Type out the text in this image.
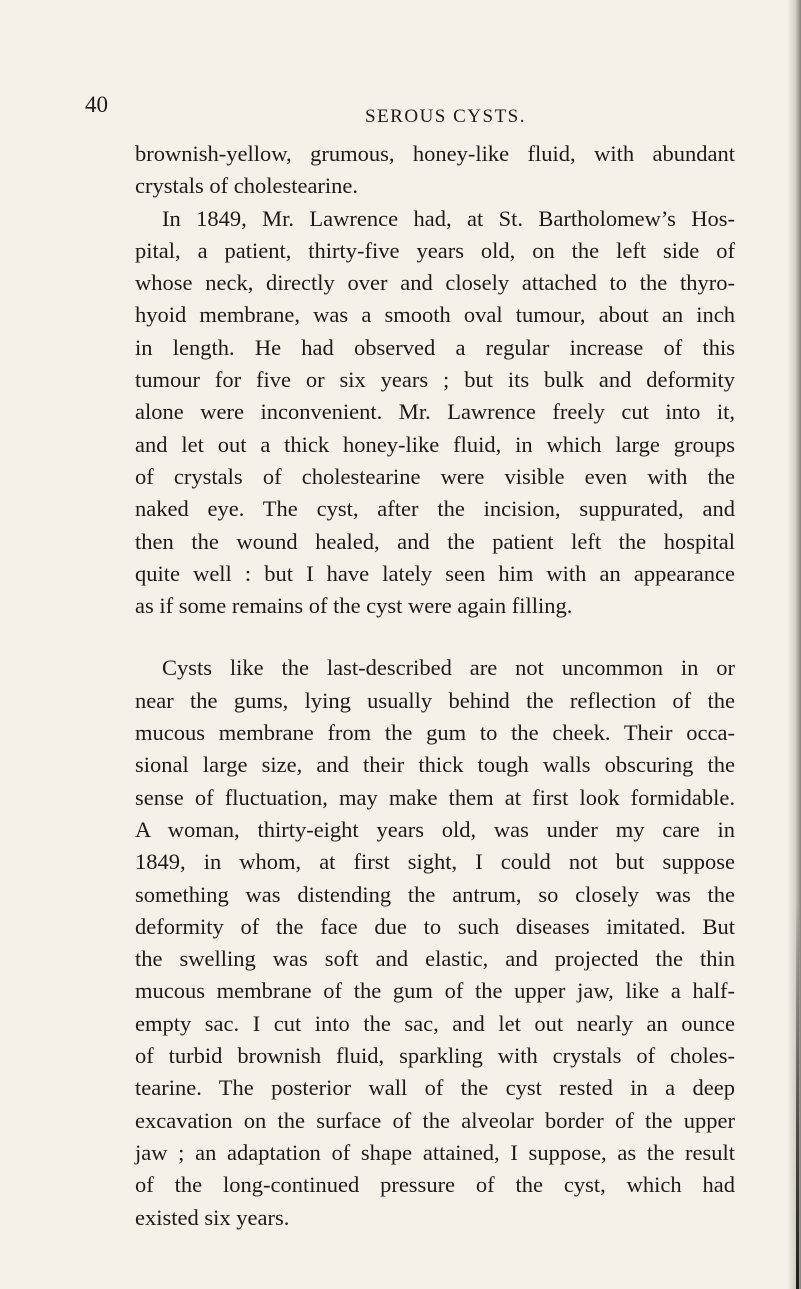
40	SEROUS CYSTS.
brownish-yellow, grumous, honey-like fluid, with abundant
crystals of cholestearine.
In 1849, Mr. Lawrence had, at St. Bartholomew’s Hos-
pital, a patient, thirty-five years old, on the left side of
whose neck, directly over and closely attached to the thyro-
hyoid membrane, was a smooth oval tumour, about an inch
in length. He had observed a regular increase of this
tumour for five or six years ; but its bulk and deformity
alone were inconvenient. Mr. Lawrence freely cut into it,
and let out a thick honey-like fluid, in which large groups
of crystals of cholestearine were visible even with the
naked eye. The cyst, after the incision, suppurated, and
then the wound healed, and the patient left the hospital
quite well : but I have lately seen him with an appearance
as if some remains of the cyst were again filling.
Cysts like the last-described are not uncommon in or
near the gums, lying usually behind the reflection of the
mucous membrane from the gum to the cheek. Their occa-
sional large size, and their thick tough walls obscuring the
sense of fluctuation, may make them at first look formidable.
A woman, thirty-eight years old, was under my care in
1849, in whom, at first sight, I could not but suppose
something was distending the antrum, so closely was the
deformity of the face due to such diseases imitated. But
the swelling was soft and elastic, and projected the thin
mucous membrane of the gum of the upper jaw, like a half-
empty sac. I cut into the sac, and let out nearly an ounce
of turbid brownish fluid, sparkling with crystals of choles-
tearine. The posterior wall of the cyst rested in a deep
excavation on the surface of the alveolar border of the upper
jaw ; an adaptation of shape attained, I suppose, as the result
of the long-continued pressure of the cyst, which had
existed six years.
